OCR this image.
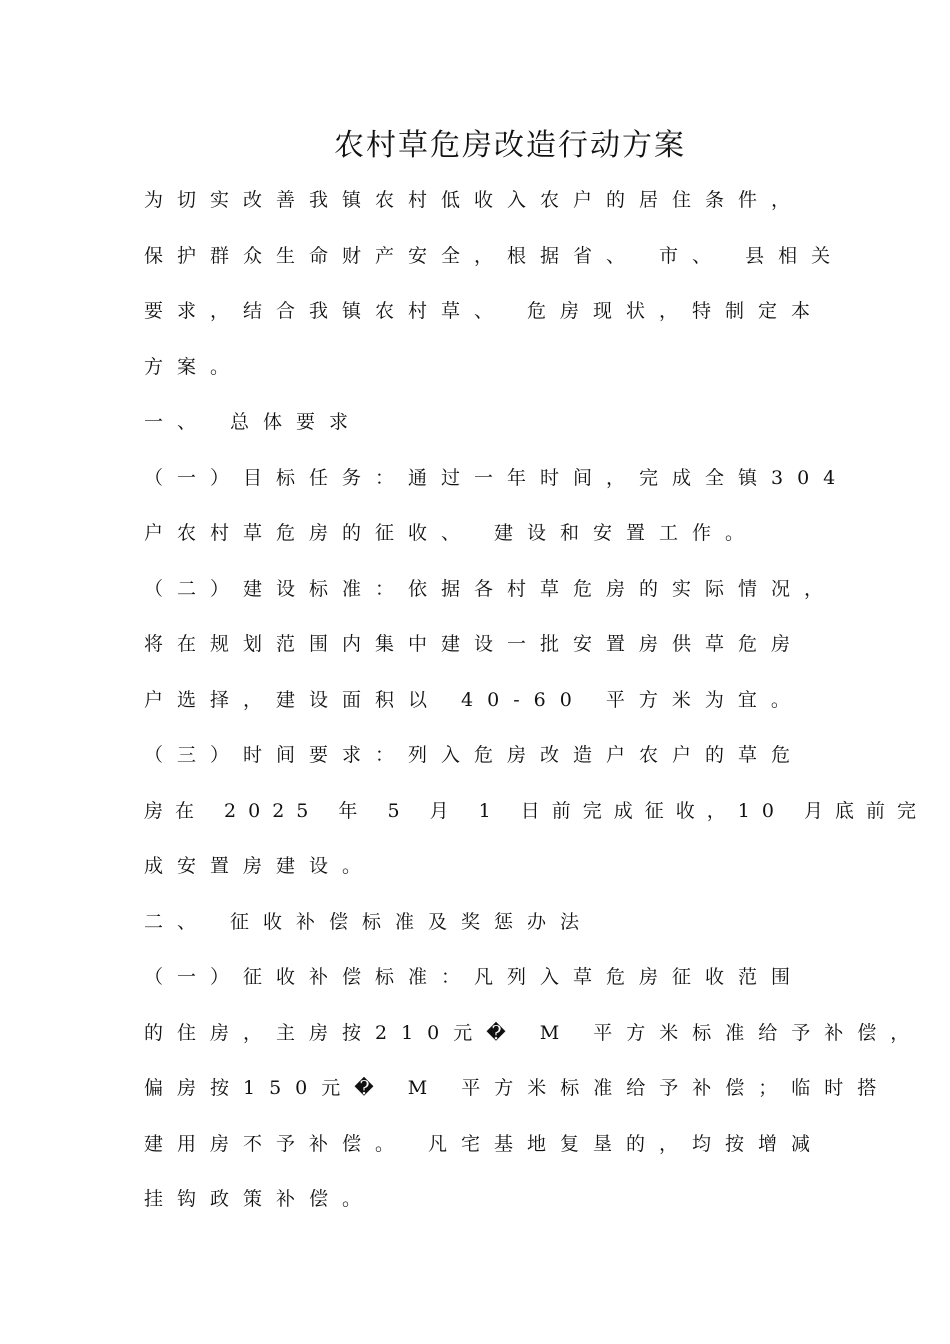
农村草危房改造行动方案

为切实改善我镇农村低收入农户的居住条件，

保护群众生命财产安全，根据省、 市、 县相关

要求，结合我镇农村草、 危房现状，特制定本

方案。

一、 总体要求

（一）目标任务：通过一年时间，完成全镇304

户农村草危房的征收、 建设和安置工作。

（二）建设标准：依据各村草危房的实际情况，

将在规划范围内集中建设一批安置房供草危房

户选择，建设面积以 40-60 平方米为宜。

（三）时间要求：列入危房改造户农户的草危

房在 2025 年 5 月 1 日前完成征收，10 月底前完

成安置房建设。

二、 征收补偿标准及奖惩办法

（一）征收补偿标准：凡列入草危房征收范围

的住房，主房按210元� M 平方米标准给予补偿，

偏房按150元� M 平方米标准给予补偿；临时搭

建用房不予补偿。 凡宅基地复垦的，均按增减

挂钩政策补偿。
